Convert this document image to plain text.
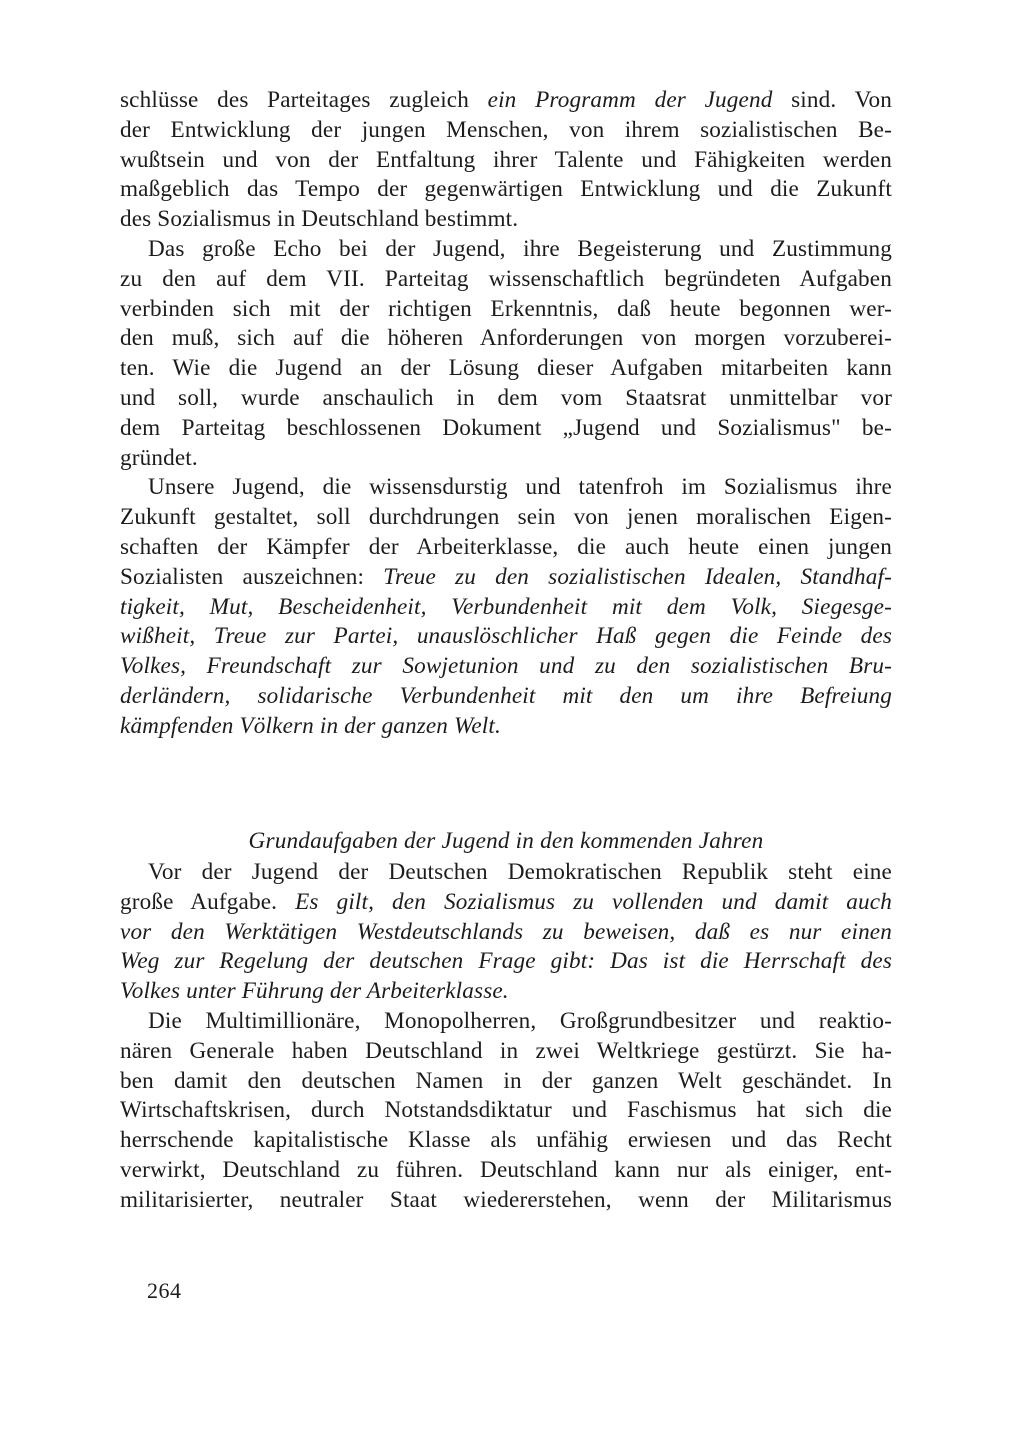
schlüsse des Parteitages zugleich ein Programm der Jugend sind. Von
der Entwicklung der jungen Menschen, von ihrem sozialistischen Be-
wußtsein und von der Entfaltung ihrer Talente und Fähigkeiten werden
maßgeblich das Tempo der gegenwärtigen Entwicklung und die Zukunft
des Sozialismus in Deutschland bestimmt.
Das große Echo bei der Jugend, ihre Begeisterung und Zustimmung
zu den auf dem VII. Parteitag wissenschaftlich begründeten Aufgaben
verbinden sich mit der richtigen Erkenntnis, daß heute begonnen wer-
den muß, sich auf die höheren Anforderungen von morgen vorzuberei-
ten. Wie die Jugend an der Lösung dieser Aufgaben mitarbeiten kann
und soll, wurde anschaulich in dem vom Staatsrat unmittelbar vor
dem Parteitag beschlossenen Dokument „Jugend und Sozialismus" be-
gründet.
Unsere Jugend, die wissensdurstig und tatenfroh im Sozialismus ihre
Zukunft gestaltet, soll durchdrungen sein von jenen moralischen Eigen-
schaften der Kämpfer der Arbeiterklasse, die auch heute einen jungen
Sozialisten auszeichnen: Treue zu den sozialistischen Idealen, Standhaf-
tigkeit, Mut, Bescheidenheit, Verbundenheit mit dem Volk, Siegesge-
wißheit, Treue zur Partei, unauslöschlicher Haß gegen die Feinde des
Volkes, Freundschaft zur Sowjetunion und zu den sozialistischen Bru-
derländern, solidarische Verbundenheit mit den um ihre Befreiung
kämpfenden Völkern in der ganzen Welt.
Grundaufgaben der Jugend in den kommenden Jahren
Vor der Jugend der Deutschen Demokratischen Republik steht eine
große Aufgabe. Es gilt, den Sozialismus zu vollenden und damit auch
vor den Werktätigen Westdeutschlands zu beweisen, daß es nur einen
Weg zur Regelung der deutschen Frage gibt: Das ist die Herrschaft des
Volkes unter Führung der Arbeiterklasse.
Die Multimillionäre, Monopolherren, Großgrundbesitzer und reaktio-
nären Generale haben Deutschland in zwei Weltkriege gestürzt. Sie ha-
ben damit den deutschen Namen in der ganzen Welt geschändet. In
Wirtschaftskrisen, durch Notstandsdiktatur und Faschismus hat sich die
herrschende kapitalistische Klasse als unfähig erwiesen und das Recht
verwirkt, Deutschland zu führen. Deutschland kann nur als einiger, ent-
militarisierter, neutraler Staat wiedererstehen, wenn der Militarismus
264
